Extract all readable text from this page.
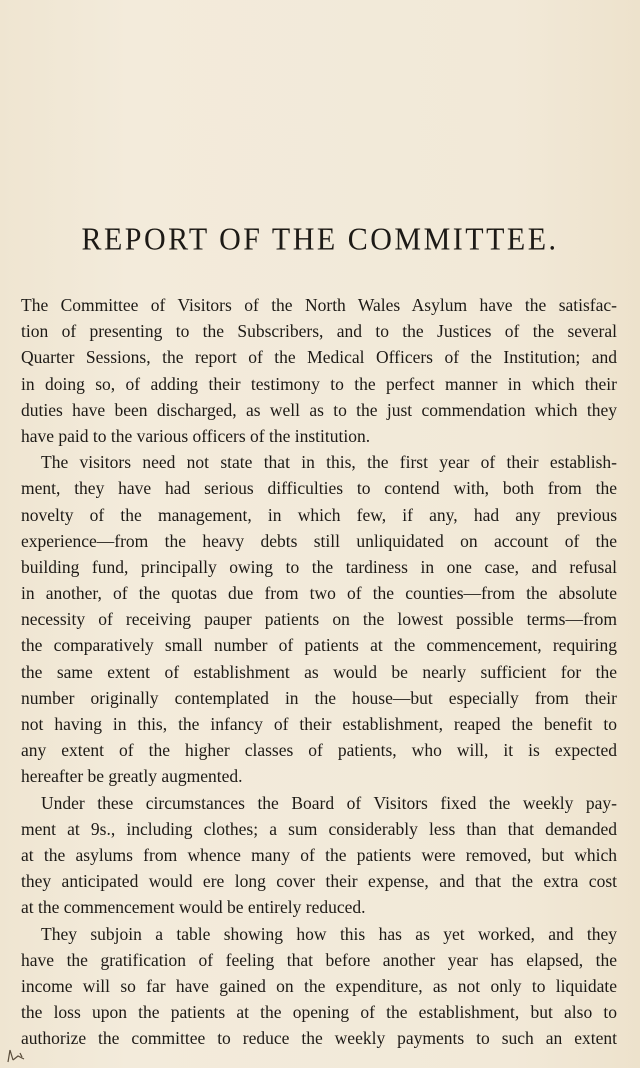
REPORT OF THE COMMITTEE.
The Committee of Visitors of the North Wales Asylum have the satisfac-
tion of presenting to the Subscribers, and to the Justices of the several
Quarter Sessions, the report of the Medical Officers of the Institution; and
in doing so, of adding their testimony to the perfect manner in which their
duties have been discharged, as well as to the just commendation which they
have paid to the various officers of the institution.
The visitors need not state that in this, the first year of their establish-
ment, they have had serious difficulties to contend with, both from the
novelty of the management, in which few, if any, had any previous
experience—from the heavy debts still unliquidated on account of the
building fund, principally owing to the tardiness in one case, and refusal
in another, of the quotas due from two of the counties—from the absolute
necessity of receiving pauper patients on the lowest possible terms—from
the comparatively small number of patients at the commencement, requiring
the same extent of establishment as would be nearly sufficient for the
number originally contemplated in the house—but especially from their
not having in this, the infancy of their establishment, reaped the benefit to
any extent of the higher classes of patients, who will, it is expected
hereafter be greatly augmented.
Under these circumstances the Board of Visitors fixed the weekly pay-
ment at 9s., including clothes; a sum considerably less than that demanded
at the asylums from whence many of the patients were removed, but which
they anticipated would ere long cover their expense, and that the extra cost
at the commencement would be entirely reduced.
They subjoin a table showing how this has as yet worked, and they
have the gratification of feeling that before another year has elapsed, the
income will so far have gained on the expenditure, as not only to liquidate
the loss upon the patients at the opening of the establishment, but also to
authorize the committee to reduce the weekly payments to such an extent
